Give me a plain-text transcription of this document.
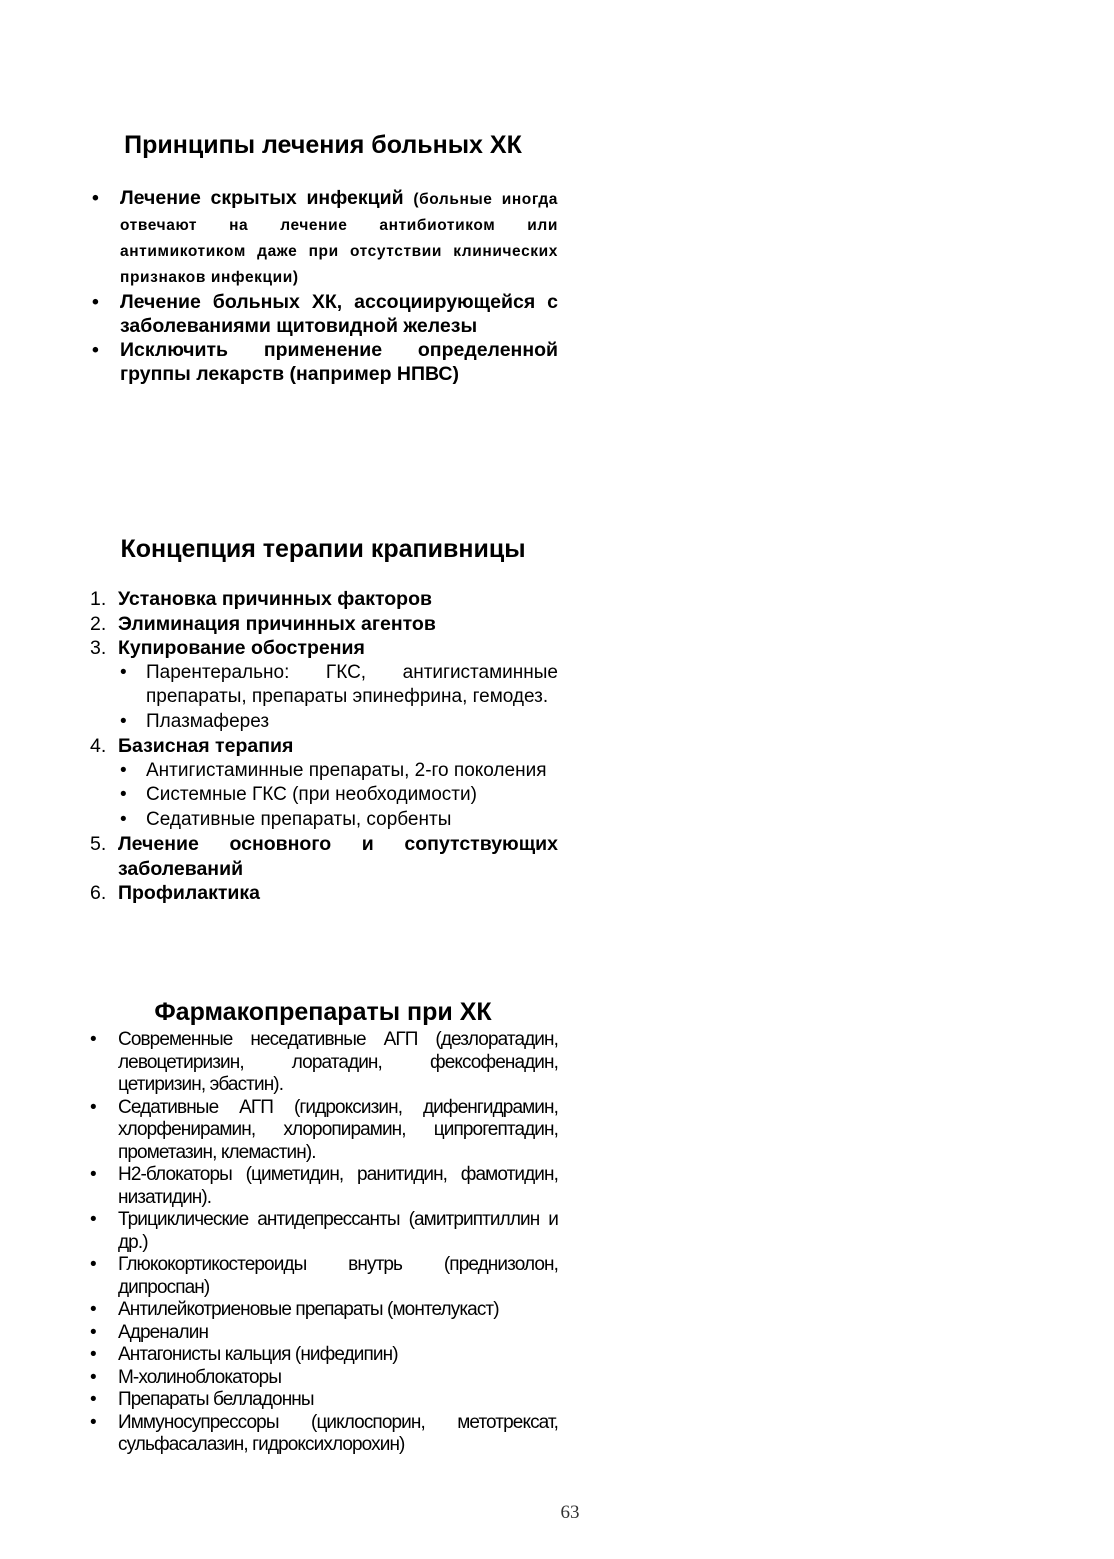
Принципы лечения больных ХК
• Лечение скрытых инфекций (больные иногда отвечают на лечение антибиотиком или антимикотиком даже при отсутствии клинических признаков инфекции)
• Лечение больных ХК, ассоциирующейся с заболеваниями щитовидной железы
• Исключить применение определенной группы лекарств (например НПВС)
Концепция терапии крапивницы
1. Установка причинных факторов
2. Элиминация причинных агентов
3. Купирование обострения
• Парентерально: ГКС, антигистаминные препараты, препараты эпинефрина, гемодез.
• Плазмаферез
4. Базисная терапия
• Антигистаминные препараты, 2-го поколения
• Системные ГКС (при необходимости)
• Седативные препараты, сорбенты
5. Лечение основного и сопутствующих заболеваний
6. Профилактика
Фармакопрепараты при ХК
• Современные неседативные АГП (дезлоратадин, левоцетиризин, лоратадин, фексофенадин, цетиризин, эбастин).
• Седативные АГП (гидроксизин, дифенгидрамин, хлорфенирамин, хлоропирамин, ципрогептадин, прометазин, клемастин).
• Н2-блокаторы (циметидин, ранитидин, фамотидин, низатидин).
• Трициклические антидепрессанты (амитриптиллин и др.)
• Глюкокортикостероиды внутрь (преднизолон, дипроспан)
• Антилейкотриеновые препараты (монтелукаст)
• Адреналин
• Антагонисты кальция (нифедипин)
• М-холиноблокаторы
• Препараты белладонны
• Иммуносупрессоры (циклоспорин, метотрексат, сульфасалазин, гидроксихлорохин)
63
